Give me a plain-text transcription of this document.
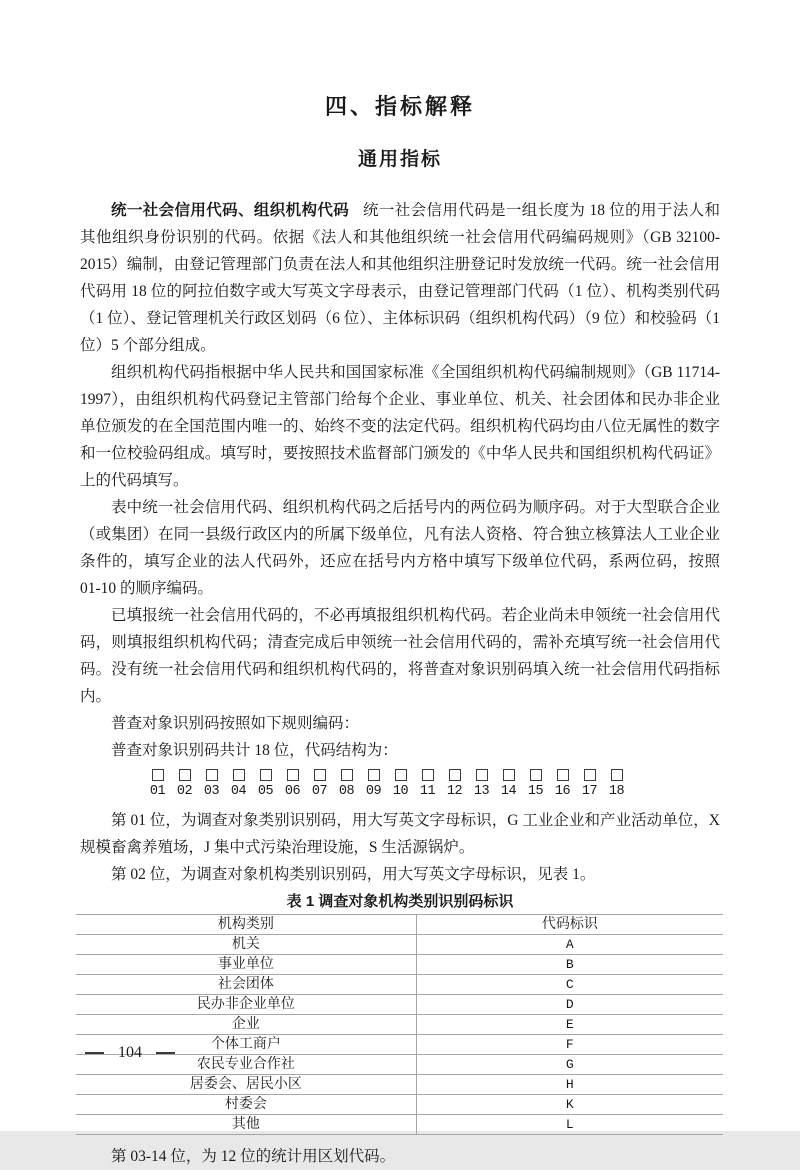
四、指标解释
通用指标

统一社会信用代码、组织机构代码 统一社会信用代码是一组长度为 18 位的用于法人和其他组织身份识别的代码。依据《法人和其他组织统一社会信用代码编码规则》（GB 32100-2015）编制，由登记管理部门负责在法人和其他组织注册登记时发放统一代码。统一社会信用代码用 18 位的阿拉伯数字或大写英文字母表示，由登记管理部门代码（1 位）、机构类别代码（1 位）、登记管理机关行政区划码（6 位）、主体标识码（组织机构代码）（9 位）和校验码（1 位）5 个部分组成。

组织机构代码指根据中华人民共和国国家标准《全国组织机构代码编制规则》（GB 11714-1997），由组织机构代码登记主管部门给每个企业、事业单位、机关、社会团体和民办非企业单位颁发的在全国范围内唯一的、始终不变的法定代码。组织机构代码均由八位无属性的数字和一位校验码组成。填写时，要按照技术监督部门颁发的《中华人民共和国组织机构代码证》上的代码填写。

表中统一社会信用代码、组织机构代码之后括号内的两位码为顺序码。对于大型联合企业（或集团）在同一县级行政区内的所属下级单位，凡有法人资格、符合独立核算法人工业企业条件的，填写企业的法人代码外，还应在括号内方格中填写下级单位代码，系两位码，按照 01-10 的顺序编码。

已填报统一社会信用代码的，不必再填报组织机构代码。若企业尚未申领统一社会信用代码，则填报组织机构代码；清查完成后申领统一社会信用代码的，需补充填写统一社会信用代码。没有统一社会信用代码和组织机构代码的，将普查对象识别码填入统一社会信用代码指标内。

普查对象识别码按照如下规则编码：

普查对象识别码共计 18 位，代码结构为：

01 02 03 04 05 06 07 08 09 10 11 12 13 14 15 16 17 18

第 01 位，为调查对象类别识别码，用大写英文字母标识，G 工业企业和产业活动单位，X 规模畜禽养殖场，J 集中式污染治理设施，S 生活源锅炉。

第 02 位，为调查对象机构类别识别码，用大写英文字母标识，见表 1。

表 1 调查对象机构类别识别码标识
机构类别	代码标识
机关	A
事业单位	B
社会团体	C
民办非企业单位	D
企业	E
个体工商户	F
农民专业合作社	G
居委会、居民小区	H
村委会	K
其他	L

第 03-14 位，为 12 位的统计用区划代码。

104
